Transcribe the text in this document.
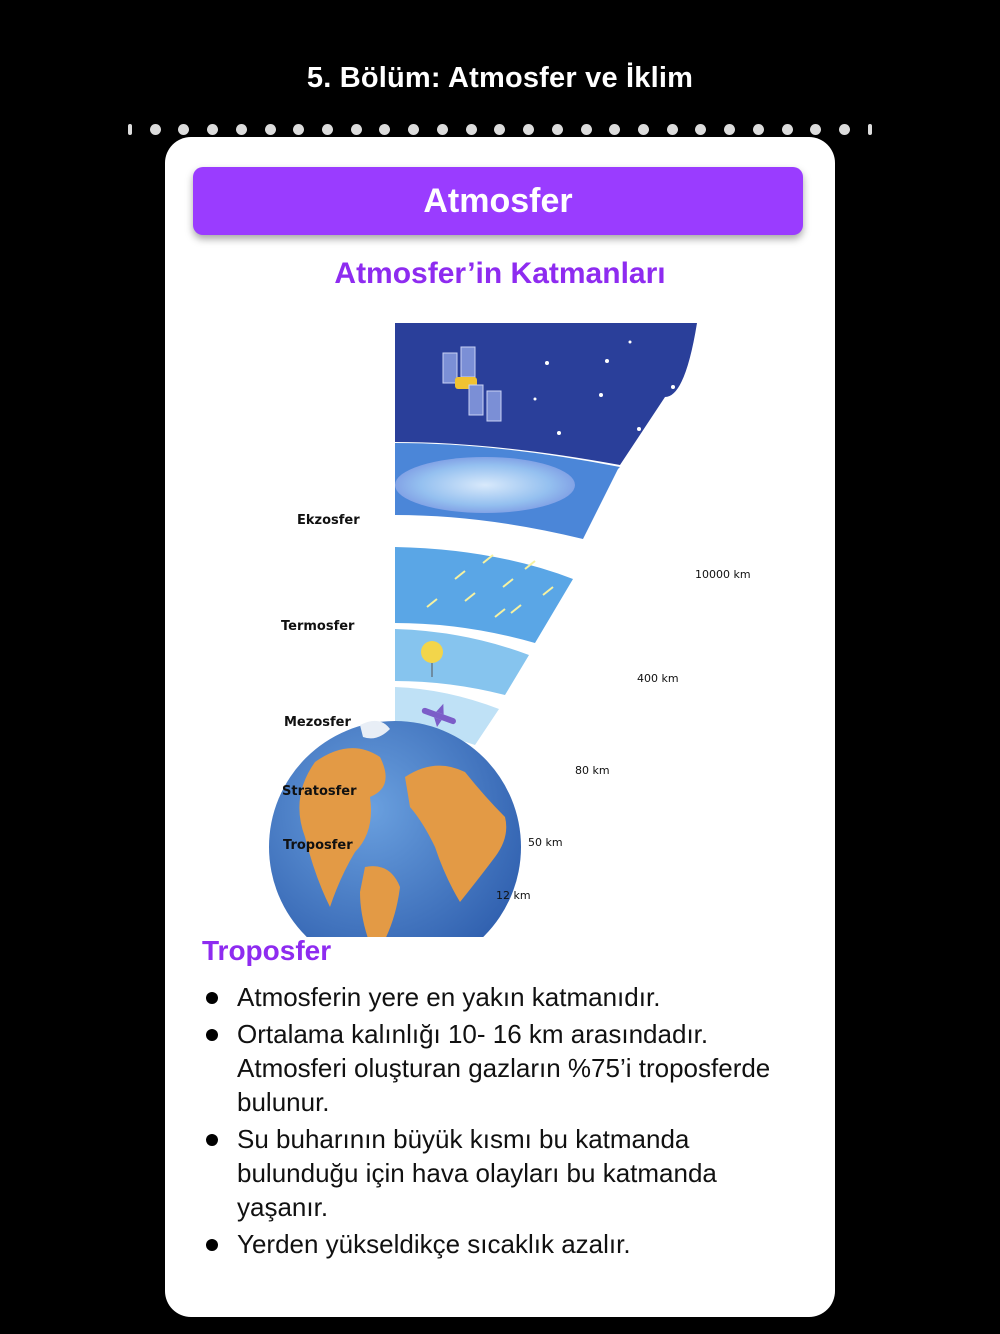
5. Bölüm: Atmosfer ve İklim
Atmosfer
Atmosfer’in Katmanları
Ekzosfer
10000 km
Termosfer
400 km
Mezosfer
80 km
Stratosfer
50 km
Troposfer
12 km
Troposfer
Atmosferin yere en yakın katmanıdır.
Ortalama kalınlığı 10- 16 km arasındadır. Atmosferi oluşturan gazların %75’i troposferde bulunur.
Su buharının büyük kısmı bu katmanda bulunduğu için hava olayları bu katmanda yaşanır.
Yerden yükseldikçe sıcaklık azalır.
